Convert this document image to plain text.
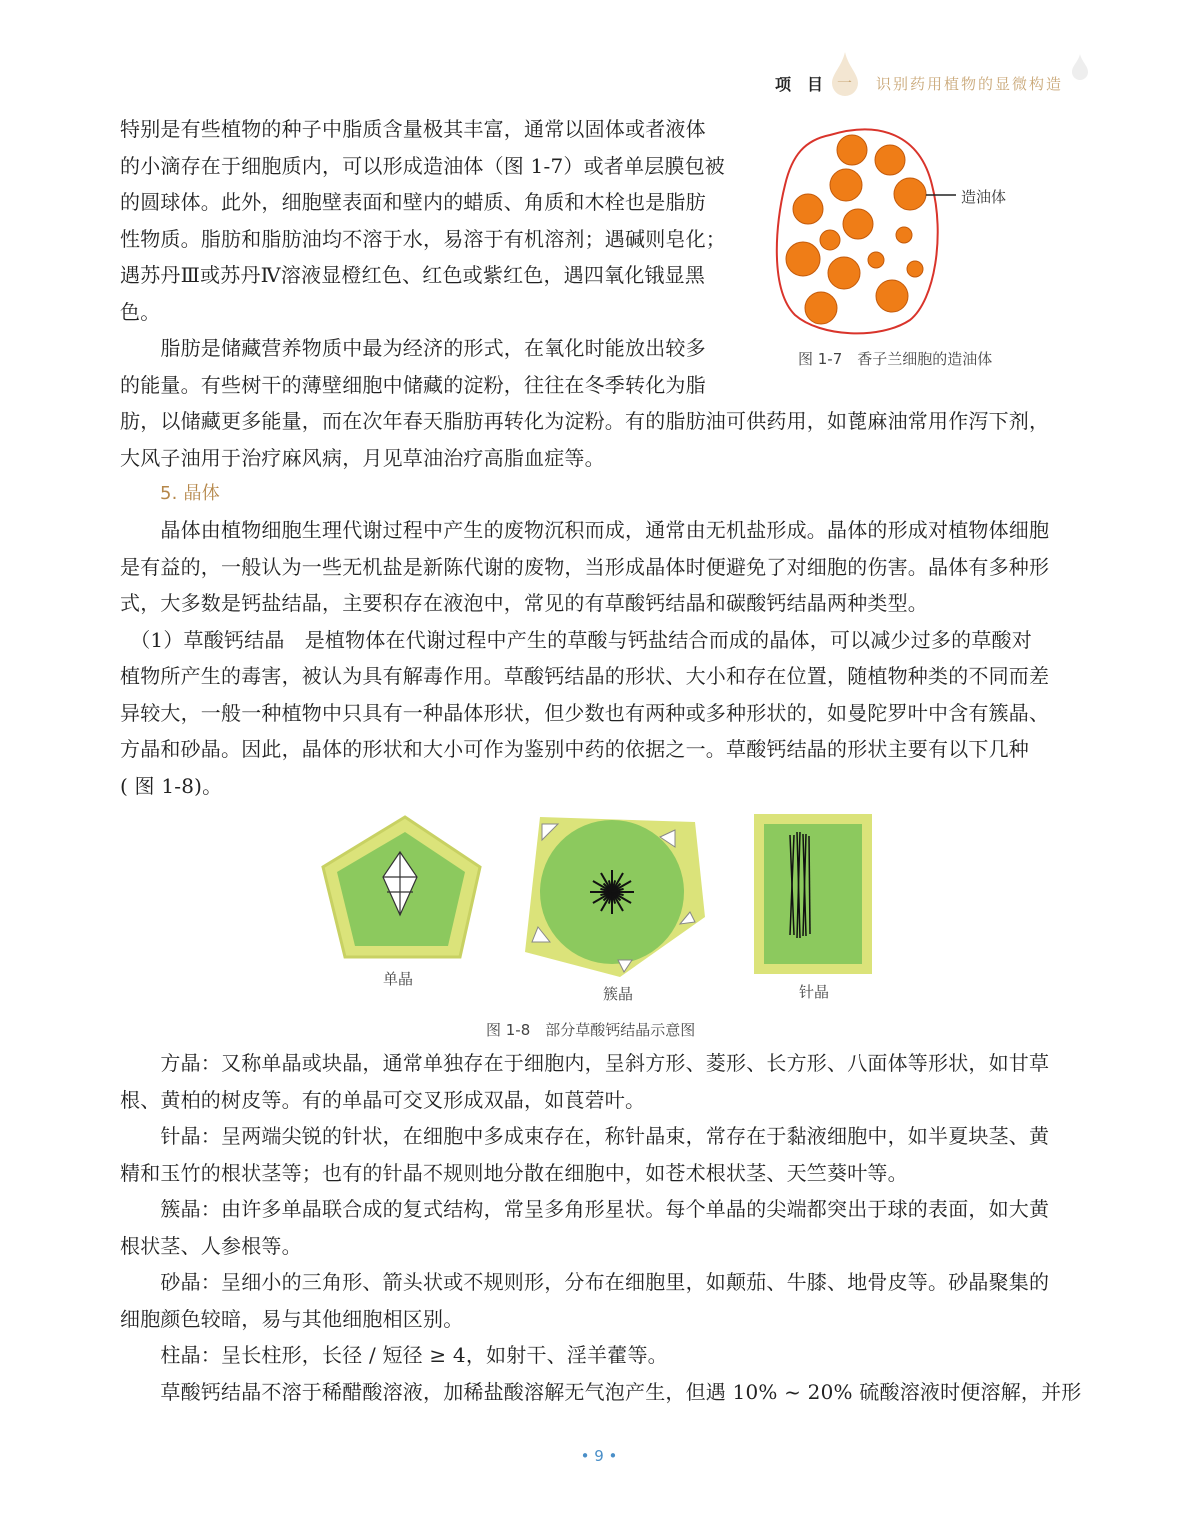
项　目 一 识别药用植物的显微构造
特别是有些植物的种子中脂质含量极其丰富，通常以固体或者液体
的小滴存在于细胞质内，可以形成造油体（图 1-7）或者单层膜包被
的圆球体。此外，细胞壁表面和壁内的蜡质、角质和木栓也是脂肪
性物质。脂肪和脂肪油均不溶于水，易溶于有机溶剂；遇碱则皂化；
遇苏丹Ⅲ或苏丹Ⅳ溶液显橙红色、红色或紫红色，遇四氧化锇显黑
色。
　　脂肪是储藏营养物质中最为经济的形式，在氧化时能放出较多
的能量。有些树干的薄壁细胞中储藏的淀粉，往往在冬季转化为脂
肪，以储藏更多能量，而在次年春天脂肪再转化为淀粉。有的脂肪油可供药用，如蓖麻油常用作泻下剂，
大风子油用于治疗麻风病，月见草油治疗高脂血症等。
造油体
图 1-7　香子兰细胞的造油体
5. 晶体
　　晶体由植物细胞生理代谢过程中产生的废物沉积而成，通常由无机盐形成。晶体的形成对植物体细胞
是有益的，一般认为一些无机盐是新陈代谢的废物，当形成晶体时便避免了对细胞的伤害。晶体有多种形
式，大多数是钙盐结晶，主要积存在液泡中，常见的有草酸钙结晶和碳酸钙结晶两种类型。
　（1）草酸钙结晶　是植物体在代谢过程中产生的草酸与钙盐结合而成的晶体，可以减少过多的草酸对
植物所产生的毒害，被认为具有解毒作用。草酸钙结晶的形状、大小和存在位置，随植物种类的不同而差
异较大，一般一种植物中只具有一种晶体形状，但少数也有两种或多种形状的，如曼陀罗叶中含有簇晶、
方晶和砂晶。因此，晶体的形状和大小可作为鉴别中药的依据之一。草酸钙结晶的形状主要有以下几种
( 图 1-8)。
单晶
簇晶	针晶
图 1-8　部分草酸钙结晶示意图
　　方晶：又称单晶或块晶，通常单独存在于细胞内，呈斜方形、菱形、长方形、八面体等形状，如甘草
根、黄柏的树皮等。有的单晶可交叉形成双晶，如莨菪叶。
　　针晶：呈两端尖锐的针状，在细胞中多成束存在，称针晶束，常存在于黏液细胞中，如半夏块茎、黄
精和玉竹的根状茎等；也有的针晶不规则地分散在细胞中，如苍术根状茎、天竺葵叶等。
　　簇晶：由许多单晶联合成的复式结构，常呈多角形星状。每个单晶的尖端都突出于球的表面，如大黄
根状茎、人参根等。
　　砂晶：呈细小的三角形、箭头状或不规则形，分布在细胞里，如颠茄、牛膝、地骨皮等。砂晶聚集的
细胞颜色较暗，易与其他细胞相区别。
　　柱晶：呈长柱形，长径 / 短径 ≥ 4，如射干、淫羊藿等。
　　草酸钙结晶不溶于稀醋酸溶液，加稀盐酸溶解无气泡产生，但遇 10% ~ 20% 硫酸溶液时便溶解，并形
• 9 •
